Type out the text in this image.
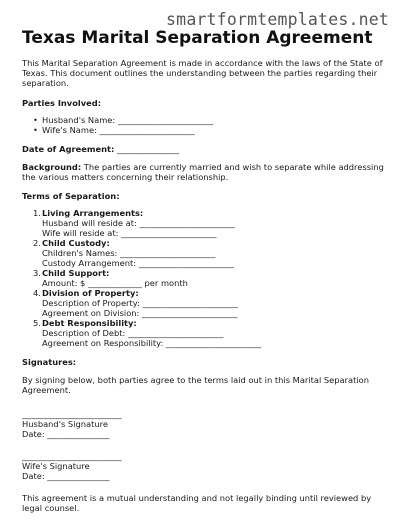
smartformtemplates.net
Texas Marital Separation Agreement

This Marital Separation Agreement is made in accordance with the laws of the State of Texas. This document outlines the understanding between the parties regarding their separation.

Parties Involved:

• Husband's Name: _______________________
• Wife's Name: _______________________

Date of Agreement: _______________

Background: The parties are currently married and wish to separate while addressing the various matters concerning their relationship.

Terms of Separation:

1. Living Arrangements:
Husband will reside at: _______________________
Wife will reside at: _______________________
2. Child Custody:
Children's Names: _______________________
Custody Arrangement: _______________________
3. Child Support:
Amount: $ _____________ per month
4. Division of Property:
Description of Property: _______________________
Agreement on Division: _______________________
5. Debt Responsibility:
Description of Debt: _______________________
Agreement on Responsibility: _______________________

Signatures:

By signing below, both parties agree to the terms laid out in this Marital Separation Agreement.

________________________

Husband's Signature

Date: _______________

________________________

Wife's Signature

Date: _______________

This agreement is a mutual understanding and not legally binding until reviewed by legal counsel.
